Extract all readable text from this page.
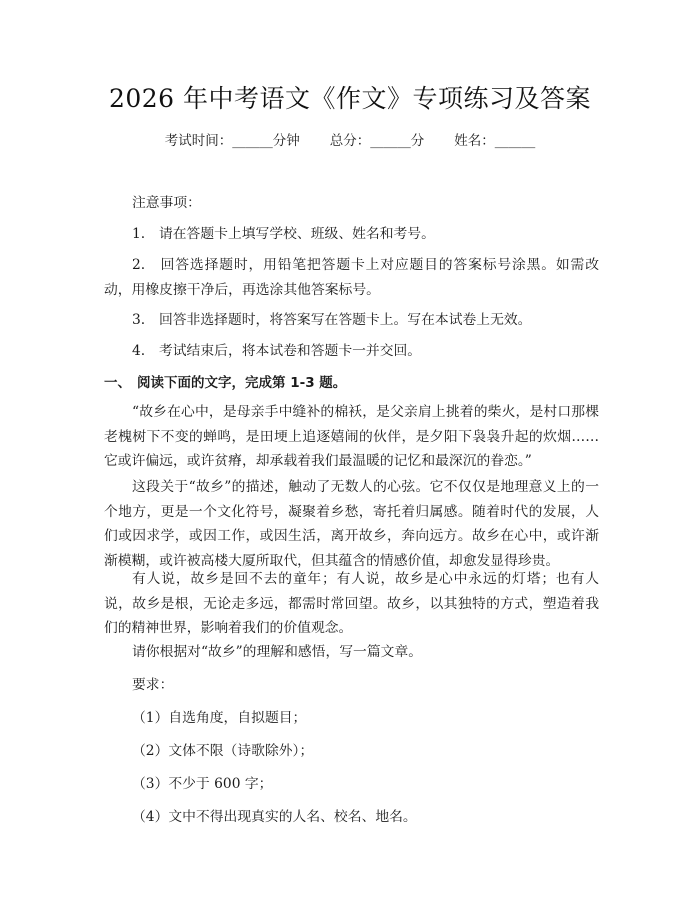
2026 年中考语文《作文》专项练习及答案
考试时间：______分钟 总分：______分 姓名：______
注意事项：
1.　请在答题卡上填写学校、班级、姓名和考号。
2.　回答选择题时，用铅笔把答题卡上对应题目的答案标号涂黑。如需改动，用橡皮擦干净后，再选涂其他答案标号。
3.　回答非选择题时，将答案写在答题卡上。写在本试卷上无效。
4.　考试结束后，将本试卷和答题卡一并交回。
一、 阅读下面的文字，完成第 1-3 题。
“故乡在心中，是母亲手中缝补的棉袄，是父亲肩上挑着的柴火，是村口那棵老槐树下不变的蝉鸣，是田埂上追逐嬉闹的伙伴，是夕阳下袅袅升起的炊烟……它或许偏远，或许贫瘠，却承载着我们最温暖的记忆和最深沉的眷恋。”
这段关于“故乡”的描述，触动了无数人的心弦。它不仅仅是地理意义上的一个地方，更是一个文化符号，凝聚着乡愁，寄托着归属感。随着时代的发展，人们或因求学，或因工作，或因生活，离开故乡，奔向远方。故乡在心中，或许渐渐模糊，或许被高楼大厦所取代，但其蕴含的情感价值，却愈发显得珍贵。
有人说，故乡是回不去的童年；有人说，故乡是心中永远的灯塔；也有人说，故乡是根，无论走多远，都需时常回望。故乡，以其独特的方式，塑造着我们的精神世界，影响着我们的价值观念。
请你根据对“故乡”的理解和感悟，写一篇文章。
要求：
（1）自选角度，自拟题目；
（2）文体不限（诗歌除外）；
（3）不少于 600 字；
（4）文中不得出现真实的人名、校名、地名。
